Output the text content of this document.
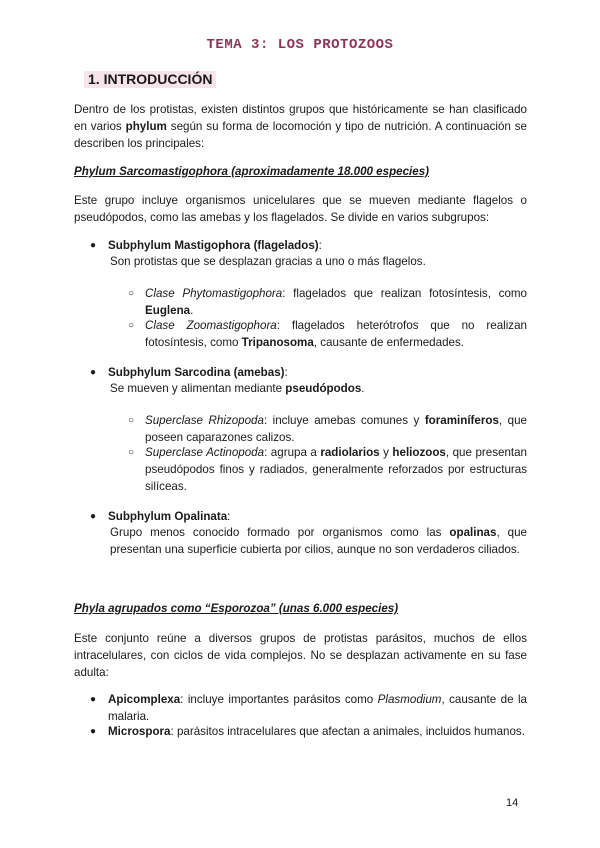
TEMA 3: LOS PROTOZOOS
1. INTRODUCCIÓN
Dentro de los protistas, existen distintos grupos que históricamente se han clasificado en varios phylum según su forma de locomoción y tipo de nutrición. A continuación se describen los principales:
Phylum Sarcomastigophora (aproximadamente 18.000 especies)
Este grupo incluye organismos unicelulares que se mueven mediante flagelos o pseudópodos, como las amebas y los flagelados. Se divide en varios subgrupos:
● Subphylum Mastigophora (flagelados):
Son protistas que se desplazan gracias a uno o más flagelos.
○ Clase Phytomastigophora: flagelados que realizan fotosíntesis, como Euglena.
○ Clase Zoomastigophora: flagelados heterótrofos que no realizan fotosíntesis, como Tripanosoma, causante de enfermedades.
● Subphylum Sarcodina (amebas):
Se mueven y alimentan mediante pseudópodos.
○ Superclase Rhizopoda: incluye amebas comunes y foraminíferos, que poseen caparazones calizos.
○ Superclase Actinopoda: agrupa a radiolarios y heliozoos, que presentan pseudópodos finos y radiados, generalmente reforzados por estructuras silíceas.
● Subphylum Opalinata:
Grupo menos conocido formado por organismos como las opalinas, que presentan una superficie cubierta por cilios, aunque no son verdaderos ciliados.
Phyla agrupados como “Esporozoa” (unas 6.000 especies)
Este conjunto reúne a diversos grupos de protistas parásitos, muchos de ellos intracelulares, con ciclos de vida complejos. No se desplazan activamente en su fase adulta:
● Apicomplexa: incluye importantes parásitos como Plasmodium, causante de la malaria.
● Microspora: parásitos intracelulares que afectan a animales, incluidos humanos.
14
